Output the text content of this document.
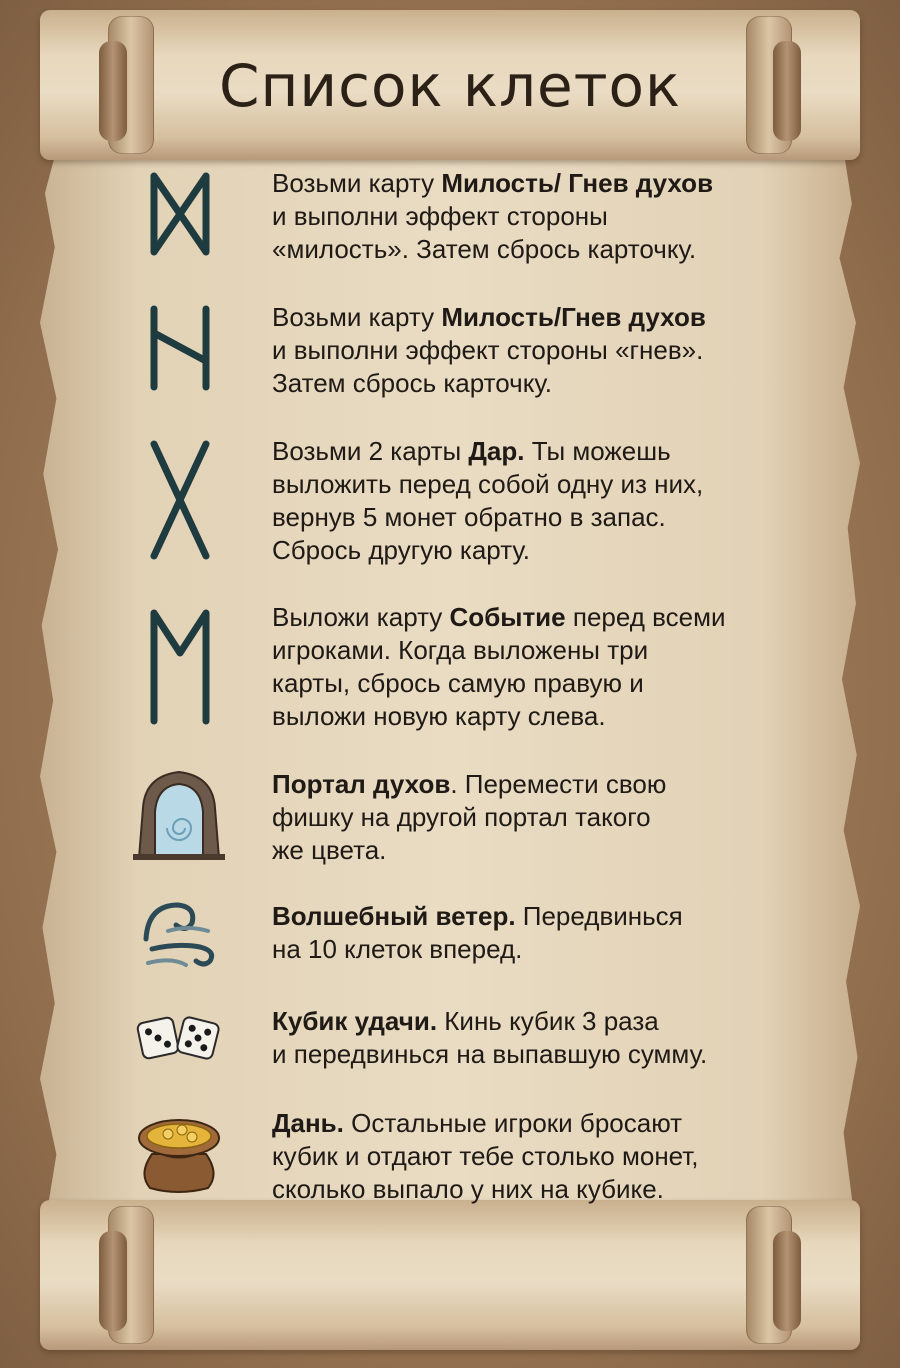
Список клеток
Возьми карту Милость/ Гнев духов
и выполни эффект стороны
«милость». Затем сбрось карточку.
Возьми карту Милость/Гнев духов
и выполни эффект стороны «гнев».
Затем сбрось карточку.
Возьми 2 карты Дар. Ты можешь
выложить перед собой одну из них,
вернув 5 монет обратно в запас.
Сбрось другую карту.
Выложи карту Событие перед всеми
игроками. Когда выложены три
карты, сбрось самую правую и
выложи новую карту слева.
Портал духов. Перемести свою
фишку на другой портал такого
же цвета.
Волшебный ветер. Передвинься
на 10 клеток вперед.
Кубик удачи. Кинь кубик 3 раза
и передвинься на выпавшую сумму.
Дань. Остальные игроки бросают
кубик и отдают тебе столько монет,
сколько выпало у них на кубике.
